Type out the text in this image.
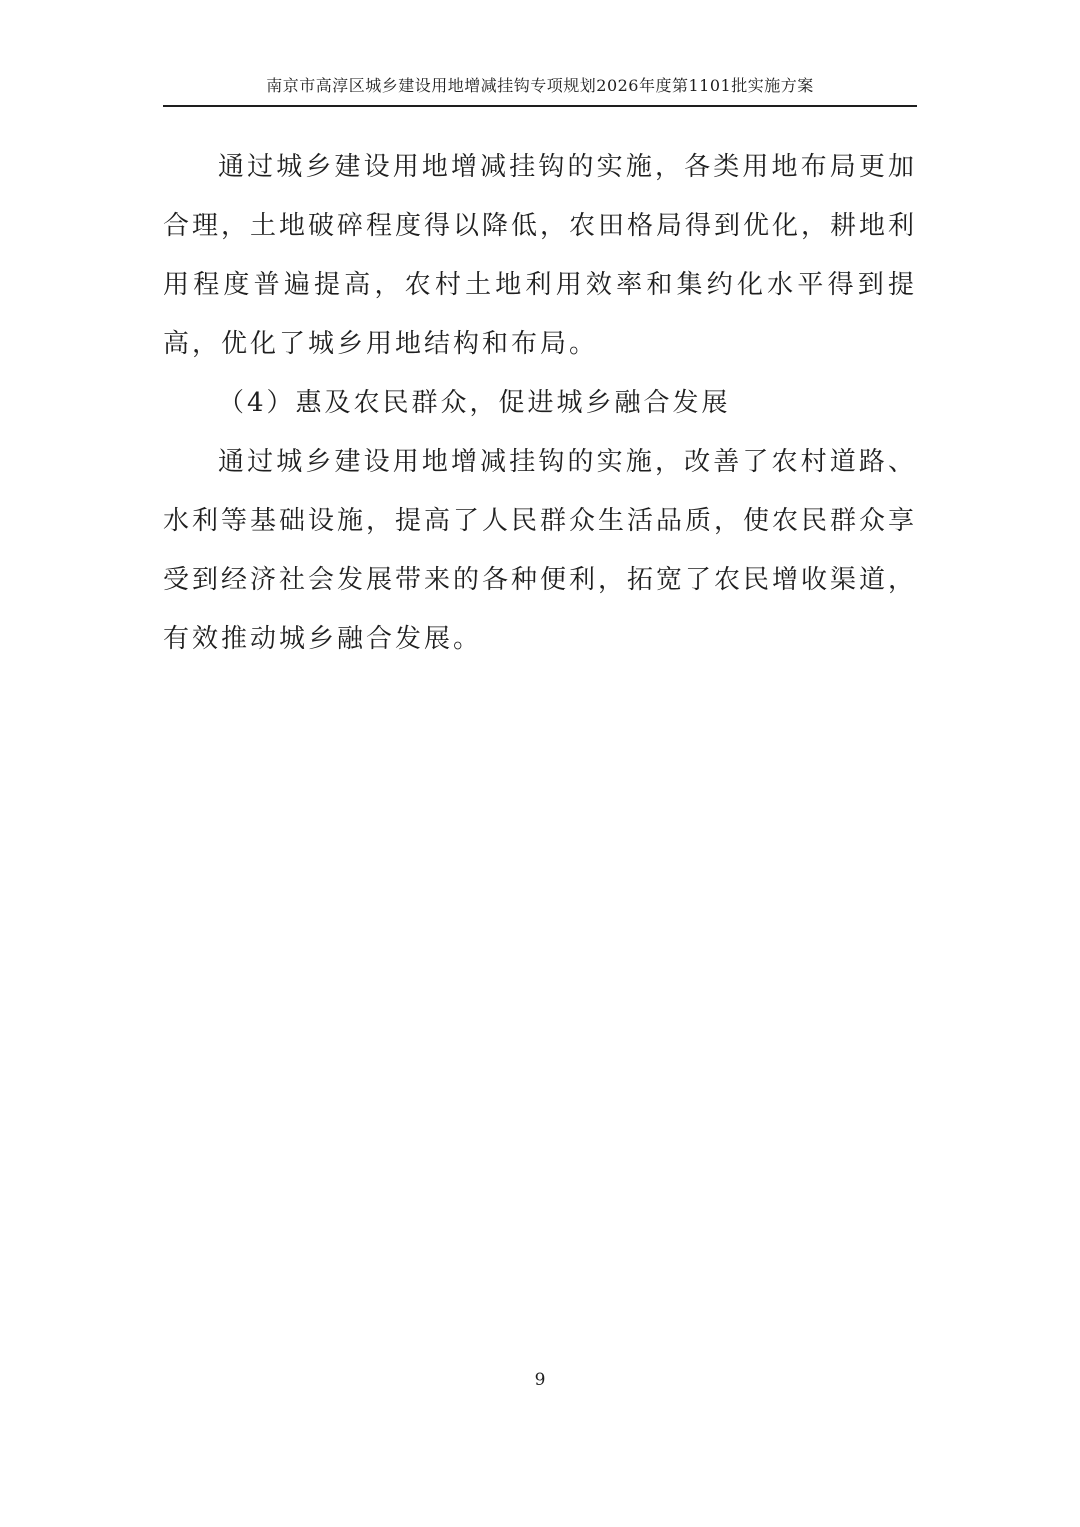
南京市高淳区城乡建设用地增减挂钩专项规划2026年度第1101批实施方案

通过城乡建设用地增减挂钩的实施，各类用地布局更加合理，土地破碎程度得以降低，农田格局得到优化，耕地利用程度普遍提高，农村土地利用效率和集约化水平得到提高，优化了城乡用地结构和布局。

（4）惠及农民群众，促进城乡融合发展

通过城乡建设用地增减挂钩的实施，改善了农村道路、水利等基础设施，提高了人民群众生活品质，使农民群众享受到经济社会发展带来的各种便利，拓宽了农民增收渠道，有效推动城乡融合发展。

9
